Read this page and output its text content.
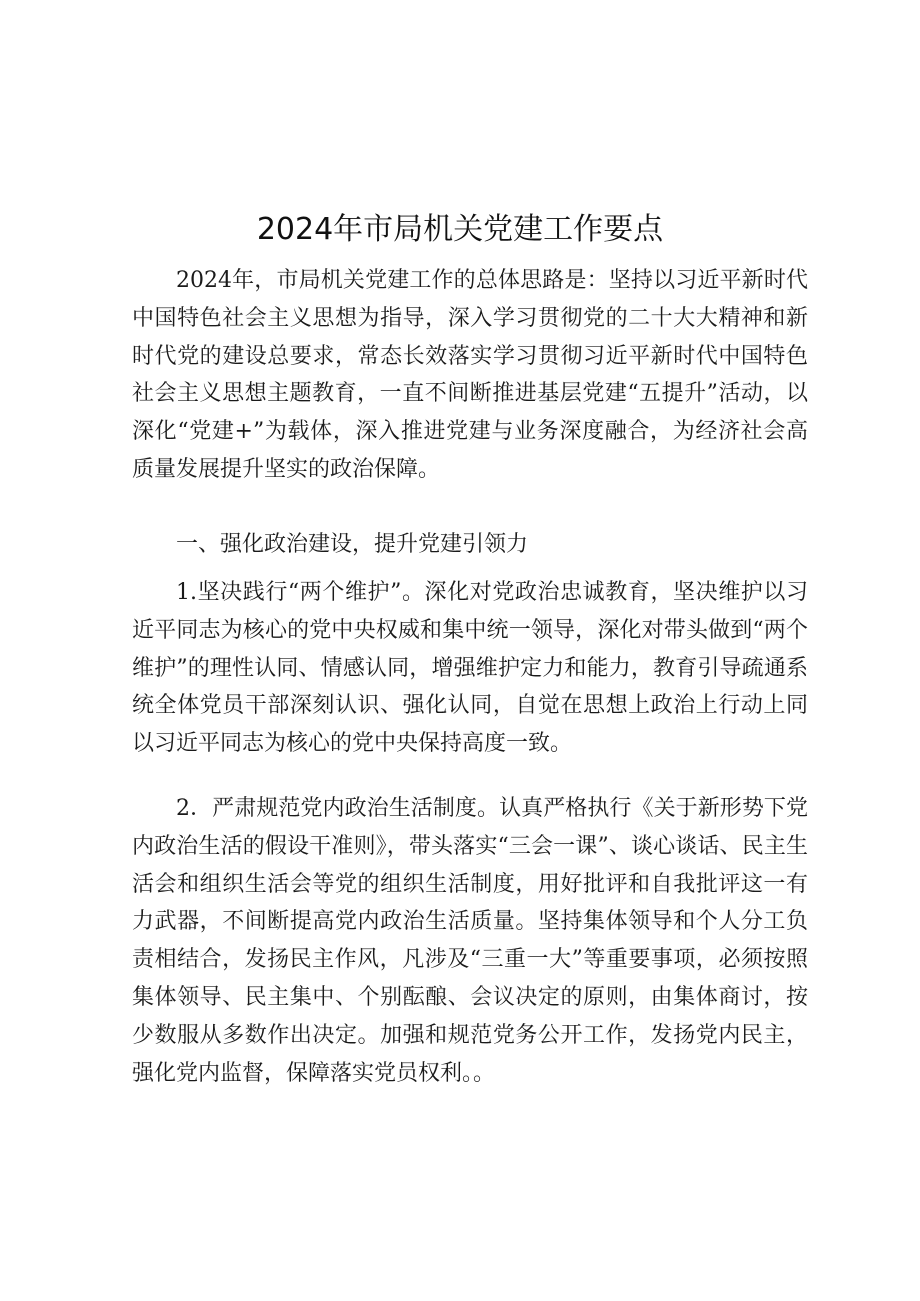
2024年市局机关党建工作要点

2024年，市局机关党建工作的总体思路是：坚持以习近平新时代中国特色社会主义思想为指导，深入学习贯彻党的二十大大精神和新时代党的建设总要求，常态长效落实学习贯彻习近平新时代中国特色社会主义思想主题教育，一直不间断推进基层党建“五提升”活动，以深化“党建+”为载体，深入推进党建与业务深度融合，为经济社会高质量发展提升坚实的政治保障。

一、强化政治建设，提升党建引领力

1.坚决践行“两个维护”。深化对党政治忠诚教育，坚决维护以习近平同志为核心的党中央权威和集中统一领导，深化对带头做到“两个维护”的理性认同、情感认同，增强维护定力和能力，教育引导疏通系统全体党员干部深刻认识、强化认同，自觉在思想上政治上行动上同以习近平同志为核心的党中央保持高度一致。

2．严肃规范党内政治生活制度。认真严格执行《关于新形势下党内政治生活的假设干准则》，带头落实“三会一课”、谈心谈话、民主生活会和组织生活会等党的组织生活制度，用好批评和自我批评这一有力武器，不间断提高党内政治生活质量。坚持集体领导和个人分工负责相结合，发扬民主作风，凡涉及“三重一大”等重要事项，必须按照集体领导、民主集中、个别酝酿、会议决定的原则，由集体商讨，按少数服从多数作出决定。加强和规范党务公开工作，发扬党内民主，强化党内监督，保障落实党员权利。。
